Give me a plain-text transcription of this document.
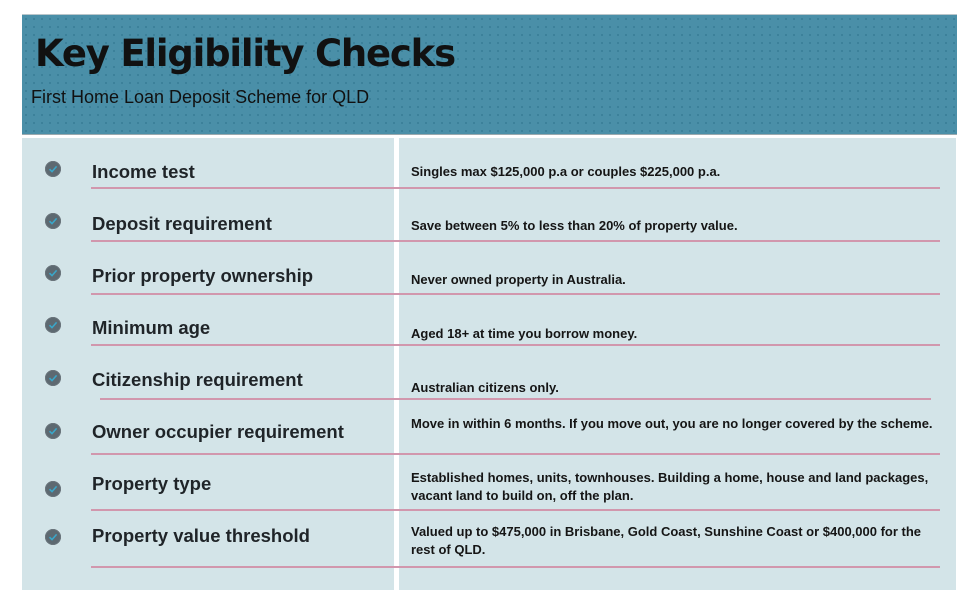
Key Eligibility Checks
First Home Loan Deposit Scheme for QLD
Income test	Singles max $125,000 p.a or couples $225,000 p.a.
Deposit requirement	Save between 5% to less than 20% of property value.
Prior property ownership	Never owned property in Australia.
Minimum age	Aged 18+ at time you borrow money.
Citizenship requirement	Australian citizens only.
Owner occupier requirement	Move in within 6 months. If you move out, you are no longer covered by the scheme.
Property type	Established homes, units, townhouses. Building a home, house and land packages, vacant land to build on, off the plan.
Property value threshold	Valued up to $475,000 in Brisbane, Gold Coast, Sunshine Coast or $400,000 for the rest of QLD.
